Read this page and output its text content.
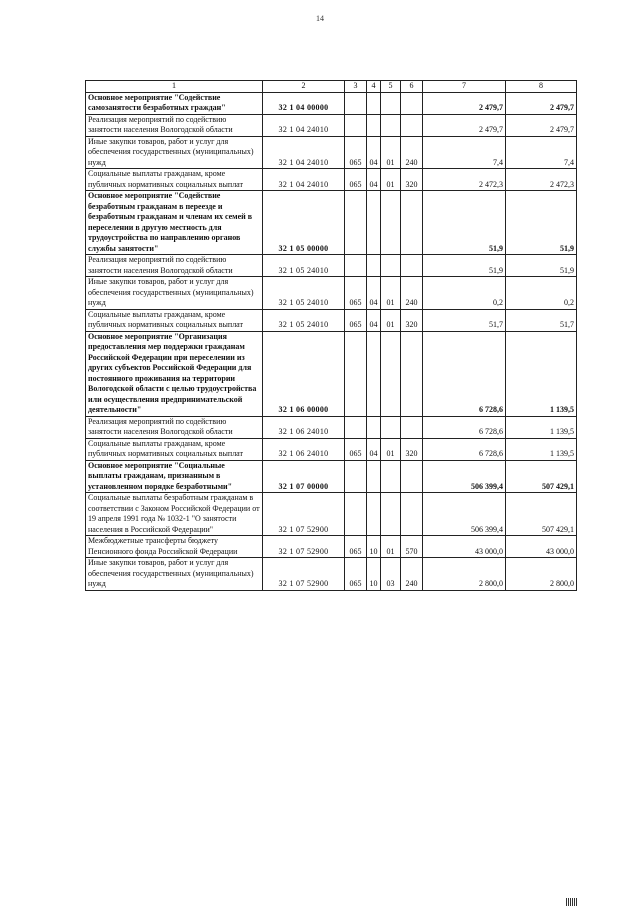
14
1	2	3	4	5	6	7	8
Основное мероприятие "Содействие самозанятости безработных граждан"	32 1 04 00000					2 479,7	2 479,7
Реализация мероприятий по содействию занятости населения Вологодской области	32 1 04 24010					2 479,7	2 479,7
Иные закупки товаров, работ и услуг для обеспечения государственных (муниципальных) нужд	32 1 04 24010	065	04	01	240	7,4	7,4
Социальные выплаты гражданам, кроме публичных нормативных социальных выплат	32 1 04 24010	065	04	01	320	2 472,3	2 472,3
Основное мероприятие "Содействие безработным гражданам в переезде и безработным гражданам и членам их семей в переселении в другую местность для трудоустройства по направлению органов службы занятости"	32 1 05 00000					51,9	51,9
Реализация мероприятий по содействию занятости населения Вологодской области	32 1 05 24010					51,9	51,9
Иные закупки товаров, работ и услуг для обеспечения государственных (муниципальных) нужд	32 1 05 24010	065	04	01	240	0,2	0,2
Социальные выплаты гражданам, кроме публичных нормативных социальных выплат	32 1 05 24010	065	04	01	320	51,7	51,7
Основное мероприятие "Организация предоставления мер поддержки гражданам Российской Федерации при переселении из других субъектов Российской Федерации для постоянного проживания на территории Вологодской области с целью трудоустройства или осуществления предпринимательской деятельности"	32 1 06 00000					6 728,6	1 139,5
Реализация мероприятий по содействию занятости населения Вологодской области	32 1 06 24010					6 728,6	1 139,5
Социальные выплаты гражданам, кроме публичных нормативных социальных выплат	32 1 06 24010	065	04	01	320	6 728,6	1 139,5
Основное мероприятие "Социальные выплаты гражданам, признанным в установленном порядке безработными"	32 1 07 00000					506 399,4	507 429,1
Социальные выплаты безработным гражданам в соответствии с Законом Российской Федерации от 19 апреля 1991 года № 1032-1 "О занятости населения в Российской Федерации"	32 1 07 52900					506 399,4	507 429,1
Межбюджетные трансферты бюджету Пенсионного фонда Российской Федерации	32 1 07 52900	065	10	01	570	43 000,0	43 000,0
Иные закупки товаров, работ и услуг для обеспечения государственных (муниципальных) нужд	32 1 07 52900	065	10	03	240	2 800,0	2 800,0
